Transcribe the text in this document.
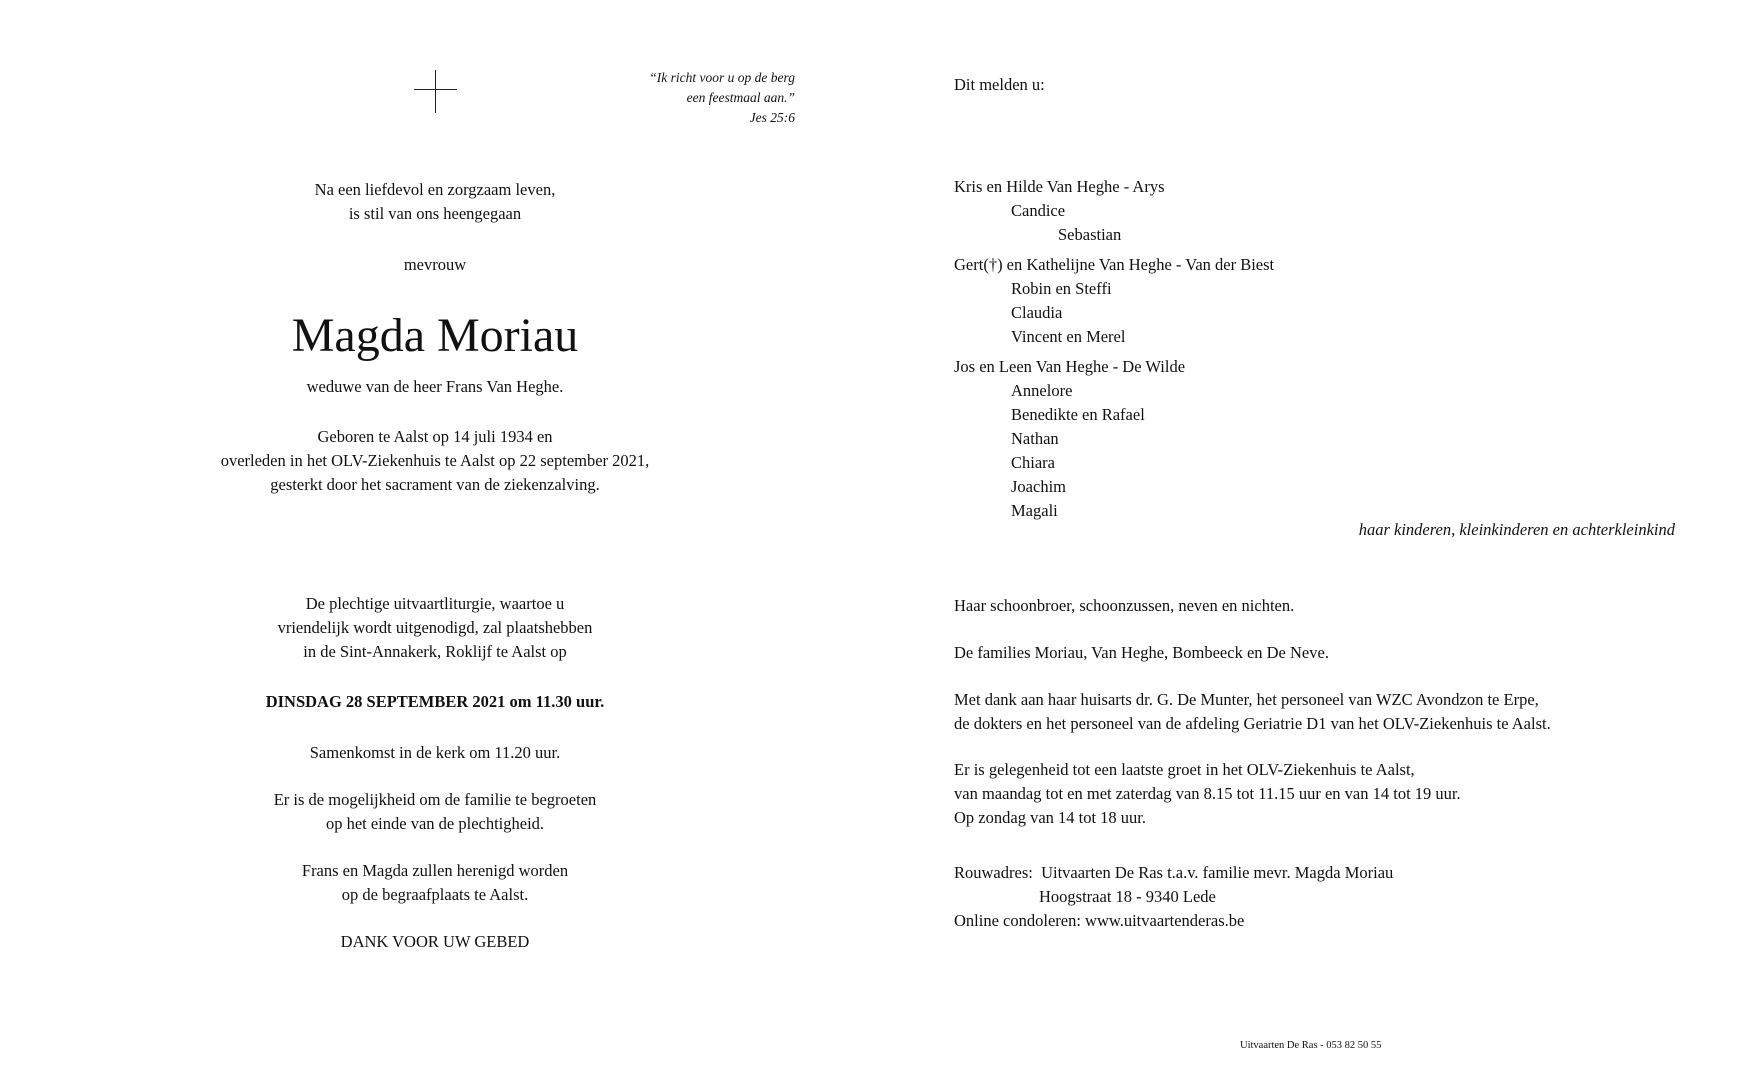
“Ik richt voor u op de berg
een feestmaal aan.”
Jes 25:6
Na een liefdevol en zorgzaam leven,
is stil van ons heengegaan
mevrouw
Magda Moriau
weduwe van de heer Frans Van Heghe.
Geboren te Aalst op 14 juli 1934 en
overleden in het OLV-Ziekenhuis te Aalst op 22 september 2021,
gesterkt door het sacrament van de ziekenzalving.
De plechtige uitvaartliturgie, waartoe u
vriendelijk wordt uitgenodigd, zal plaatshebben
in de Sint-Annakerk, Roklijf te Aalst op
DINSDAG 28 SEPTEMBER 2021 om 11.30 uur.
Samenkomst in de kerk om 11.20 uur.
Er is de mogelijkheid om de familie te begroeten
op het einde van de plechtigheid.
Frans en Magda zullen herenigd worden
op de begraafplaats te Aalst.
DANK VOOR UW GEBED
Dit melden u:
Kris en Hilde Van Heghe - Arys
Candice
Sebastian
Gert(†) en Kathelijne Van Heghe - Van der Biest
Robin en Steffi
Claudia
Vincent en Merel
Jos en Leen Van Heghe - De Wilde
Annelore
Benedikte en Rafael
Nathan
Chiara
Joachim
Magali
haar kinderen, kleinkinderen en achterkleinkind
Haar schoonbroer, schoonzussen, neven en nichten.
De families Moriau, Van Heghe, Bombeeck en De Neve.
Met dank aan haar huisarts dr. G. De Munter, het personeel van WZC Avondzon te Erpe,
de dokters en het personeel van de afdeling Geriatrie D1 van het OLV-Ziekenhuis te Aalst.
Er is gelegenheid tot een laatste groet in het OLV-Ziekenhuis te Aalst,
van maandag tot en met zaterdag van 8.15 tot 11.15 uur en van 14 tot 19 uur.
Op zondag van 14 tot 18 uur.
Rouwadres: Uitvaarten De Ras t.a.v. familie mevr. Magda Moriau
Hoogstraat 18 - 9340 Lede
Online condoleren: www.uitvaartenderas.be
Uitvaarten De Ras - 053 82 50 55
